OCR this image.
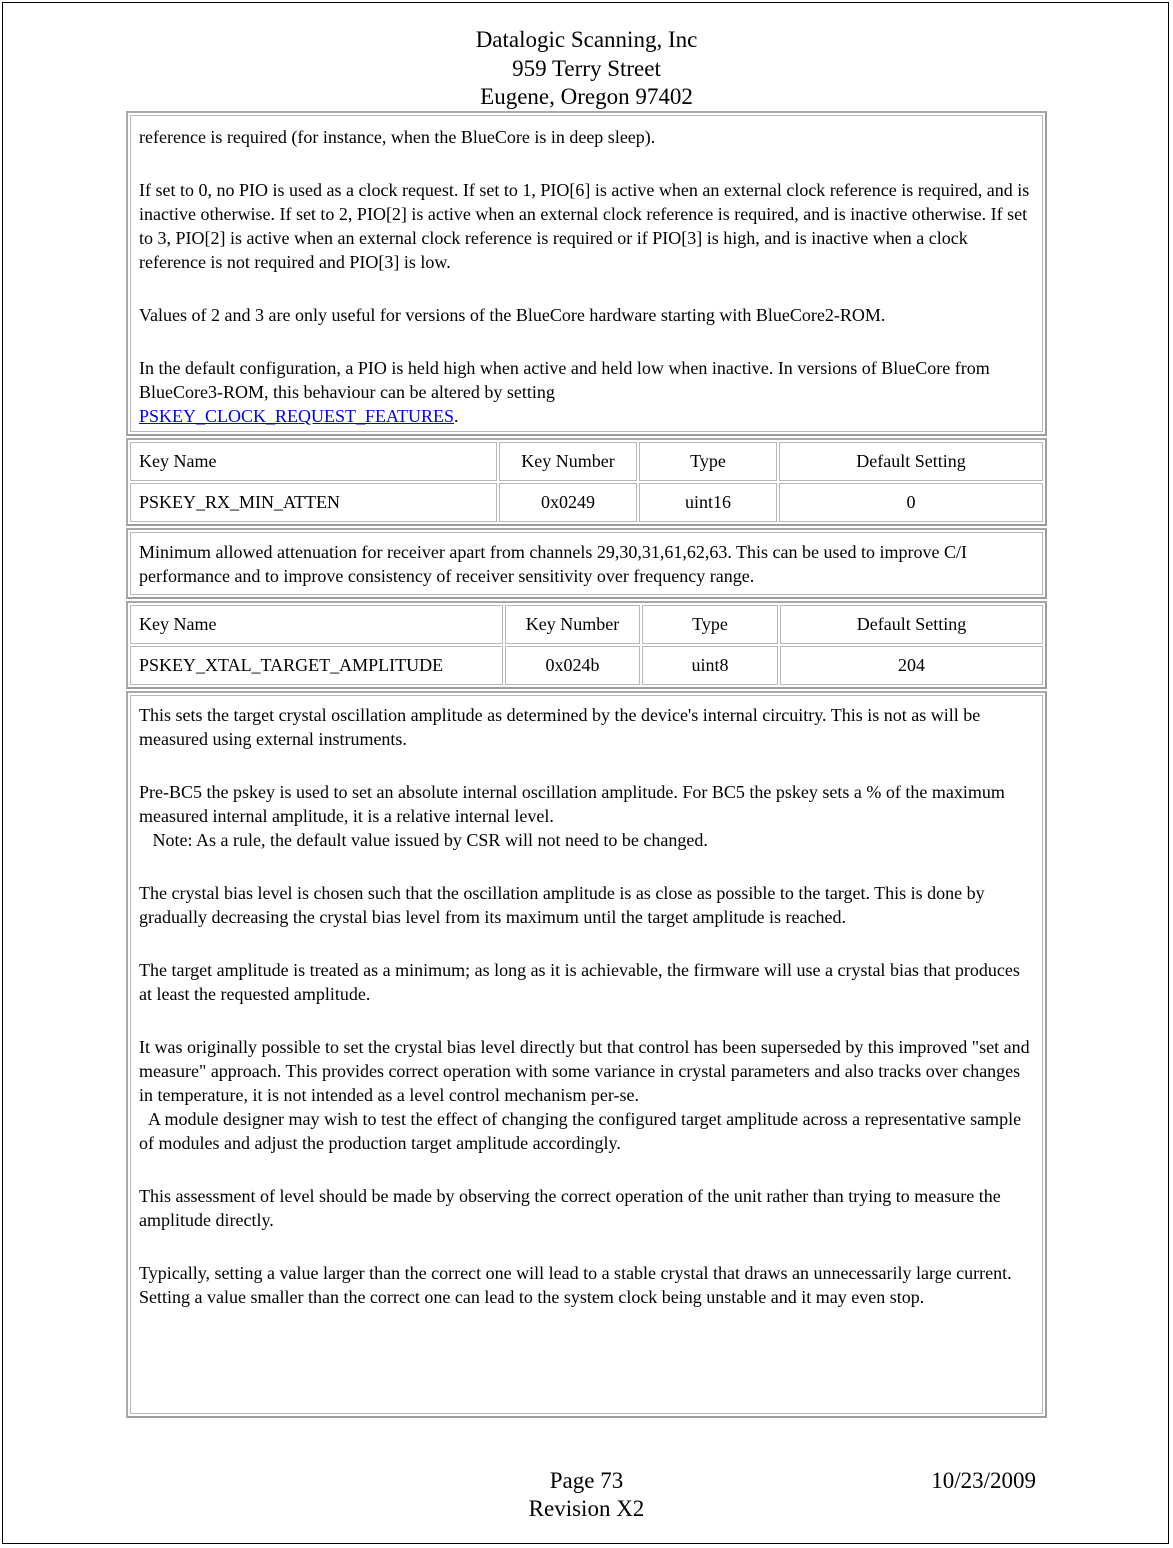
Datalogic Scanning, Inc
959 Terry Street
Eugene, Oregon 97402

reference is required (for instance, when the BlueCore is in deep sleep).

If set to 0, no PIO is used as a clock request. If set to 1, PIO[6] is active when an external clock reference is required, and is inactive otherwise. If set to 2, PIO[2] is active when an external clock reference is required, and is inactive otherwise. If set to 3, PIO[2] is active when an external clock reference is required or if PIO[3] is high, and is inactive when a clock reference is not required and PIO[3] is low.

Values of 2 and 3 are only useful for versions of the BlueCore hardware starting with BlueCore2-ROM.

In the default configuration, a PIO is held high when active and held low when inactive. In versions of BlueCore from BlueCore3-ROM, this behaviour can be altered by setting
PSKEY_CLOCK_REQUEST_FEATURES.

Key Name	Key Number	Type	Default Setting
PSKEY_RX_MIN_ATTEN	0x0249	uint16	0

Minimum allowed attenuation for receiver apart from channels 29,30,31,61,62,63. This can be used to improve C/I performance and to improve consistency of receiver sensitivity over frequency range.

Key Name	Key Number	Type	Default Setting
PSKEY_XTAL_TARGET_AMPLITUDE	0x024b	uint8	204

This sets the target crystal oscillation amplitude as determined by the device's internal circuitry. This is not as will be measured using external instruments.

Pre-BC5 the pskey is used to set an absolute internal oscillation amplitude. For BC5 the pskey sets a % of the maximum measured internal amplitude, it is a relative internal level.
Note: As a rule, the default value issued by CSR will not need to be changed.

The crystal bias level is chosen such that the oscillation amplitude is as close as possible to the target. This is done by gradually decreasing the crystal bias level from its maximum until the target amplitude is reached.

The target amplitude is treated as a minimum; as long as it is achievable, the firmware will use a crystal bias that produces at least the requested amplitude.

It was originally possible to set the crystal bias level directly but that control has been superseded by this improved "set and measure" approach. This provides correct operation with some variance in crystal parameters and also tracks over changes in temperature, it is not intended as a level control mechanism per-se.
A module designer may wish to test the effect of changing the configured target amplitude across a representative sample of modules and adjust the production target amplitude accordingly.

This assessment of level should be made by observing the correct operation of the unit rather than trying to measure the amplitude directly.

Typically, setting a value larger than the correct one will lead to a stable crystal that draws an unnecessarily large current. Setting a value smaller than the correct one can lead to the system clock being unstable and it may even stop.

Page 73
Revision X2
10/23/2009
